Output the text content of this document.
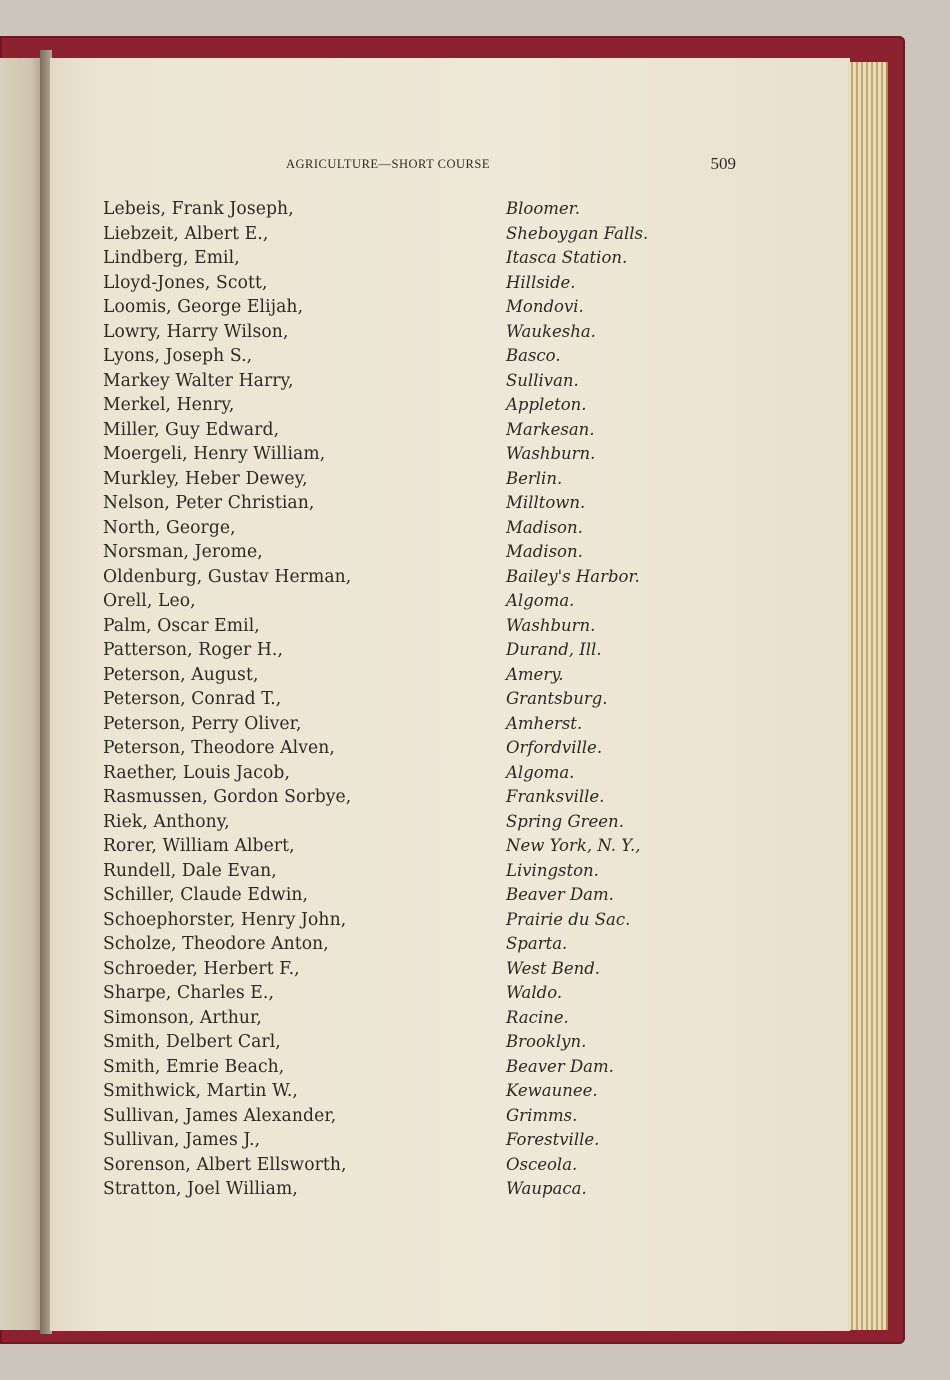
AGRICULTURE—SHORT COURSE	509
Lebeis, Frank Joseph,	Bloomer.
Liebzeit, Albert E.,	Sheboygan Falls.
Lindberg, Emil,	Itasca Station.
Lloyd-Jones, Scott,	Hillside.
Loomis, George Elijah,	Mondovi.
Lowry, Harry Wilson,	Waukesha.
Lyons, Joseph S.,	Basco.
Markey Walter Harry,	Sullivan.
Merkel, Henry,	Appleton.
Miller, Guy Edward,	Markesan.
Moergeli, Henry William,	Washburn.
Murkley, Heber Dewey,	Berlin.
Nelson, Peter Christian,	Milltown.
North, George,	Madison.
Norsman, Jerome,	Madison.
Oldenburg, Gustav Herman,	Bailey's Harbor.
Orell, Leo,	Algoma.
Palm, Oscar Emil,	Washburn.
Patterson, Roger H.,	Durand, Ill.
Peterson, August,	Amery.
Peterson, Conrad T.,	Grantsburg.
Peterson, Perry Oliver,	Amherst.
Peterson, Theodore Alven,	Orfordville.
Raether, Louis Jacob,	Algoma.
Rasmussen, Gordon Sorbye,	Franksville.
Riek, Anthony,	Spring Green.
Rorer, William Albert,	New York, N. Y.,
Rundell, Dale Evan,	Livingston.
Schiller, Claude Edwin,	Beaver Dam.
Schoephorster, Henry John,	Prairie du Sac.
Scholze, Theodore Anton,	Sparta.
Schroeder, Herbert F.,	West Bend.
Sharpe, Charles E.,	Waldo.
Simonson, Arthur,	Racine.
Smith, Delbert Carl,	Brooklyn.
Smith, Emrie Beach,	Beaver Dam.
Smithwick, Martin W.,	Kewaunee.
Sullivan, James Alexander,	Grimms.
Sullivan, James J.,	Forestville.
Sorenson, Albert Ellsworth,	Osceola.
Stratton, Joel William,	Waupaca.
